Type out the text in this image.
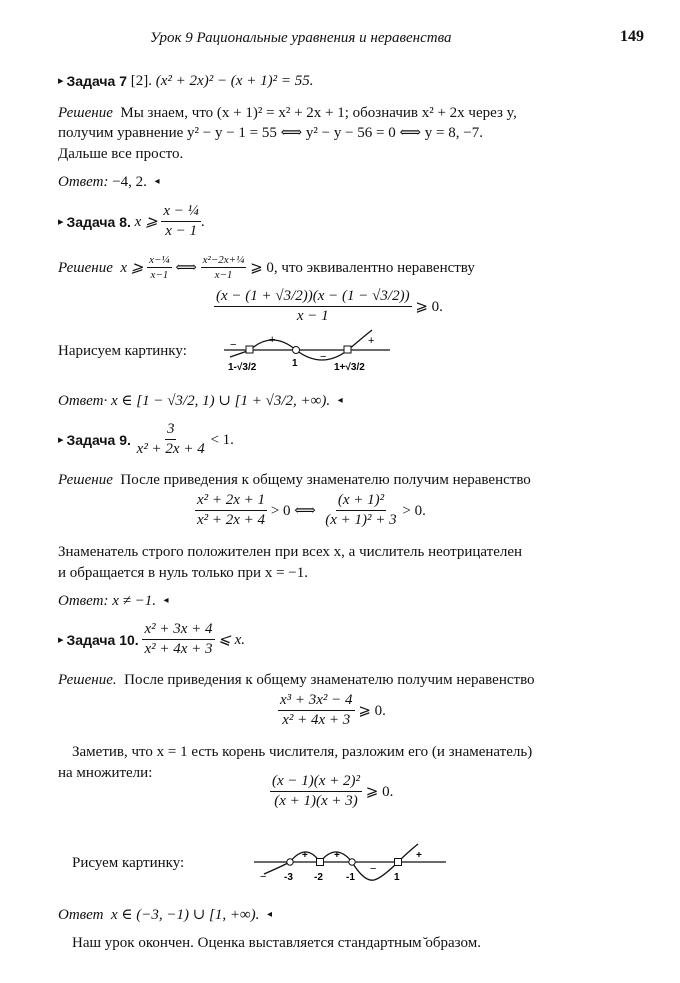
Урок 9 Рациональные уравнения и неравенства	149
▸ Задача 7
[2].
(x² + 2x)² − (x + 1)² = 55.
Решение
Мы знаем, что (x + 1)² = x² + 2x + 1; обозначив x² + 2x через y,
получим уравнение y² − y − 1 = 55 ⟺ y² − y − 56 = 0 ⟺ y = 8, −7.
Дальше все просто.
Ответ:
−4, 2.
◂
▸ Задача 8.
x ⩾
$\frac{\text{x − ¼}}{x - 1}$ .
Решение
x ⩾
$\frac{\text{x−¼}}{x-1}$
⟺
$\frac{\text{x²−2x+¼}}{x-1}$
⩾ 0, что эквивалентно неравенству
$\frac{(x - (1 + √3/2))(x - (1 - √3/2))}{x - 1}$
⩾ 0.
Нарисуем картинку:	−	+
−
+
1-√3/2	1	1+√3/2
Ответ·
x ∈ [1 − √3/2, 1) ∪ [1 + √3/2, +∞).
◂
▸ Задача 9.
$\frac{3}{\text{x² + 2x + 4}}$
< 1.
Решение
После приведения к общему знаменателю получим неравенство
$\frac{\text{x² + 2x + 1}}{\text{x² + 2x + 4}}$
> 0 ⟺
$\frac{\text{(x + 1)²}}{\text{(x + 1)² + 3}}$
> 0.
Знаменатель строго положителен при всех x, а числитель неотрицателен
и обращается в нуль только при x = −1.
Ответ:
x ≠ −1.
◂
▸ Задача 10.
$\frac{\text{x² + 3x + 4}}{\text{x² + 4x + 3}}$
⩽ x.
Решение.
После приведения к общему знаменателю получим неравенство
$\frac{\text{x³ + 3x² − 4}}{\text{x² + 4x + 3}}$
⩾ 0.
Заметив, что x = 1 есть корень числителя, разложим его (и знаменатель)
на множители:	$\frac{\text{(x − 1)(x + 2)²}}{(x + 1)(x + 3)}$
⩾ 0.
Рисуем картинку:
−
+	+
−
+
-3 -2 -1	1
Ответ
x ∈ (−3, −1) ∪ [1, +∞).
◂
Наш урок окончен. Оценка выставляется стандартным ̆образом.
